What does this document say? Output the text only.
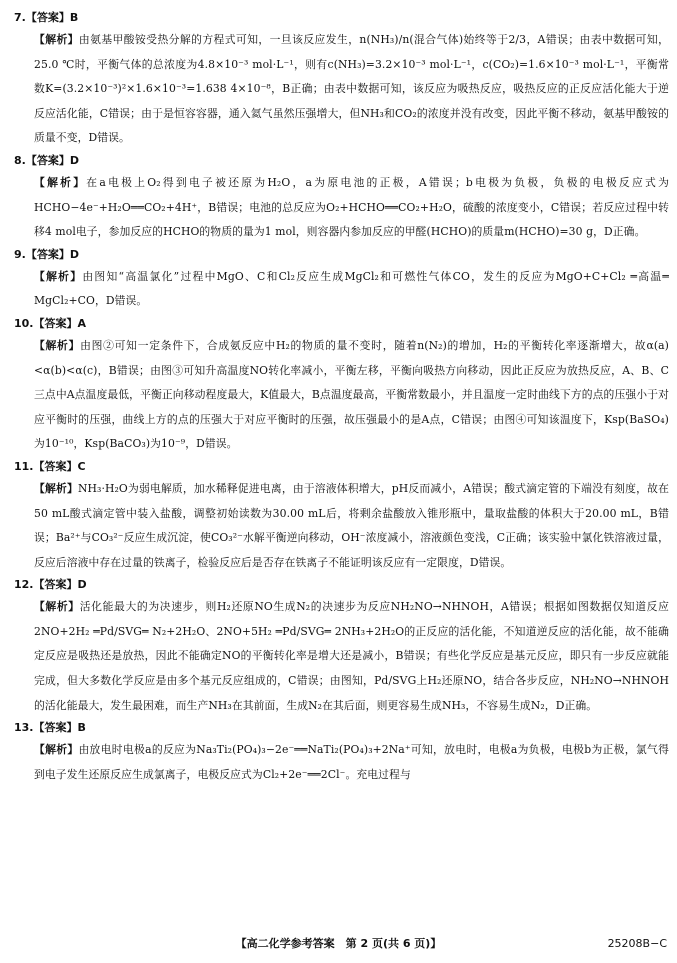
7.【答案】B
【解析】由氨基甲酸铵受热分解的方程式可知，一旦该反应发生，n(NH₃)/n(混合气体)始终等于2/3，A错误；由表中数据可知，25.0 ℃时，平衡气体的总浓度为4.8×10⁻³ mol·L⁻¹，则有c(NH₃)=3.2×10⁻³ mol·L⁻¹，c(CO₂)=1.6×10⁻³ mol·L⁻¹，平衡常数K=(3.2×10⁻³)²×1.6×10⁻³=1.638 4×10⁻⁸，B正确；由表中数据可知，该反应为吸热反应，吸热反应的正反应活化能大于逆反应活化能，C错误；由于是恒容容器，通入氦气虽然压强增大，但NH₃和CO₂的浓度并没有改变，因此平衡不移动，氨基甲酸铵的质量不变，D错误。
8.【答案】D
【解析】在a电极上O₂得到电子被还原为H₂O，a为原电池的正极，A错误；b电极为负极，负极的电极反应式为HCHO−4e⁻+H₂O══CO₂+4H⁺，B错误；电池的总反应为O₂+HCHO══CO₂+H₂O，硫酸的浓度变小，C错误；若反应过程中转移4 mol电子，参加反应的HCHO的物质的量为1 mol，则容器内参加反应的甲醛(HCHO)的质量m(HCHO)=30 g，D正确。
9.【答案】D
【解析】由图知“高温氯化”过程中MgO、C和Cl₂反应生成MgCl₂和可燃性气体CO，发生的反应为MgO+C+Cl₂ ═高温═ MgCl₂+CO，D错误。
10.【答案】A
【解析】由图②可知一定条件下，合成氨反应中H₂的物质的量不变时，随着n(N₂)的增加，H₂的平衡转化率逐渐增大，故α(a)<α(b)<α(c)，B错误；由图③可知升高温度NO转化率减小，平衡左移，平衡向吸热方向移动，因此正反应为放热反应，A、B、C三点中A点温度最低，平衡正向移动程度最大，K值最大，B点温度最高，平衡常数最小，并且温度一定时曲线下方的点的压强小于对应平衡时的压强，曲线上方的点的压强大于对应平衡时的压强，故压强最小的是A点，C错误；由图④可知该温度下，Ksp(BaSO₄)为10⁻¹⁰，Ksp(BaCO₃)为10⁻⁹，D错误。
11.【答案】C
【解析】NH₃·H₂O为弱电解质，加水稀释促进电离，由于溶液体积增大，pH反而减小，A错误；酸式滴定管的下端没有刻度，故在50 mL酸式滴定管中装入盐酸，调整初始读数为30.00 mL后，将剩余盐酸放入锥形瓶中，量取盐酸的体积大于20.00 mL，B错误；Ba²⁺与CO₃²⁻反应生成沉淀，使CO₃²⁻水解平衡逆向移动，OH⁻浓度减小，溶液颜色变浅，C正确；该实验中氯化铁溶液过量，反应后溶液中存在过量的铁离子，检验反应后是否存在铁离子不能证明该反应有一定限度，D错误。
12.【答案】D
【解析】活化能最大的为决速步，则H₂还原NO生成N₂的决速步为反应NH₂NO→NHNOH，A错误；根据如图数据仅知道反应2NO+2H₂ ═Pd/SVG═ N₂+2H₂O、2NO+5H₂ ═Pd/SVG═ 2NH₃+2H₂O的正反应的活化能，不知道逆反应的活化能，故不能确定反应是吸热还是放热，因此不能确定NO的平衡转化率是增大还是减小，B错误；有些化学反应是基元反应，即只有一步反应就能完成，但大多数化学反应是由多个基元反应组成的，C错误；由图知，Pd/SVG上H₂还原NO，结合各步反应，NH₂NO→NHNOH的活化能最大，发生最困难，而生产NH₃在其前面，生成N₂在其后面，则更容易生成NH₃，不容易生成N₂，D正确。
13.【答案】B
【解析】由放电时电极a的反应为Na₃Ti₂(PO₄)₃−2e⁻══NaTi₂(PO₄)₃+2Na⁺可知，放电时，电极a为负极，电极b为正极，氯气得到电子发生还原反应生成氯离子，电极反应式为Cl₂+2e⁻══2Cl⁻。充电过程与
【高二化学参考答案　第 2 页(共 6 页)】	25208B−C
